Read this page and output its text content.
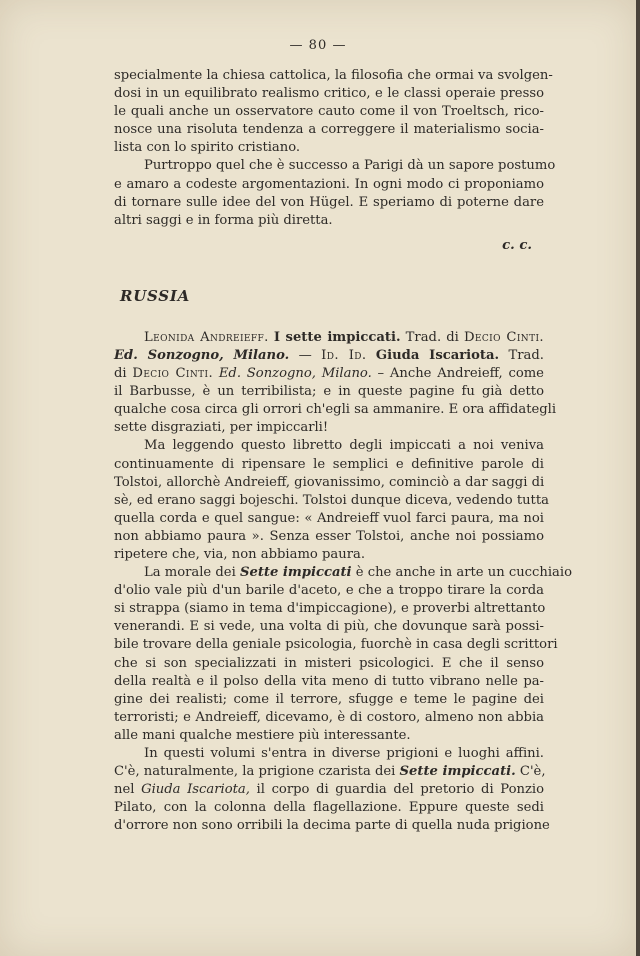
— 80 —
specialmente la chiesa cattolica, la filosofia che ormai va svolgen-
dosi in un equilibrato realismo critico, e le classi operaie presso
le quali anche un osservatore cauto come il von Troeltsch, rico-
nosce una risoluta tendenza a correggere il materialismo socia-
lista con lo spirito cristiano.
Purtroppo quel che è successo a Parigi dà un sapore postumo
e amaro a codeste argomentazioni. In ogni modo ci proponiamo
di tornare sulle idee del von Hügel. E speriamo di poterne dare
altri saggi e in forma più diretta.
c. c.
RUSSIA
Leonida Andreieff. I sette impiccati. Trad. di Decio Cinti.
Ed. Sonzogno, Milano. — Id. Id. Giuda Iscariota. Trad.
di Decio Cinti. Ed. Sonzogno, Milano. – Anche Andreieff, come
il Barbusse, è un terribilista; e in queste pagine fu già detto
qualche cosa circa gli orrori ch'egli sa ammanire. E ora affidategli
sette disgraziati, per impiccarli!
Ma leggendo questo libretto degli impiccati a noi veniva
continuamente di ripensare le semplici e definitive parole di
Tolstoi, allorchè Andreieff, giovanissimo, cominciò a dar saggi di
sè, ed erano saggi bojeschi. Tolstoi dunque diceva, vedendo tutta
quella corda e quel sangue: « Andreieff vuol farci paura, ma noi
non abbiamo paura ». Senza esser Tolstoi, anche noi possiamo
ripetere che, via, non abbiamo paura.
La morale dei Sette impiccati è che anche in arte un cucchiaio
d'olio vale più d'un barile d'aceto, e che a troppo tirare la corda
si strappa (siamo in tema d'impiccagione), e proverbi altrettanto
venerandi. E si vede, una volta di più, che dovunque sarà possi-
bile trovare della geniale psicologia, fuorchè in casa degli scrittori
che si son specializzati in misteri psicologici. E che il senso
della realtà e il polso della vita meno di tutto vibrano nelle pa-
gine dei realisti; come il terrore, sfugge e teme le pagine dei
terroristi; e Andreieff, dicevamo, è di costoro, almeno non abbia
alle mani qualche mestiere più interessante.
In questi volumi s'entra in diverse prigioni e luoghi affini.
C'è, naturalmente, la prigione czarista dei Sette impiccati. C'è,
nel Giuda Iscariota, il corpo di guardia del pretorio di Ponzio
Pilato, con la colonna della flagellazione. Eppure queste sedi
d'orrore non sono orribili la decima parte di quella nuda prigione
